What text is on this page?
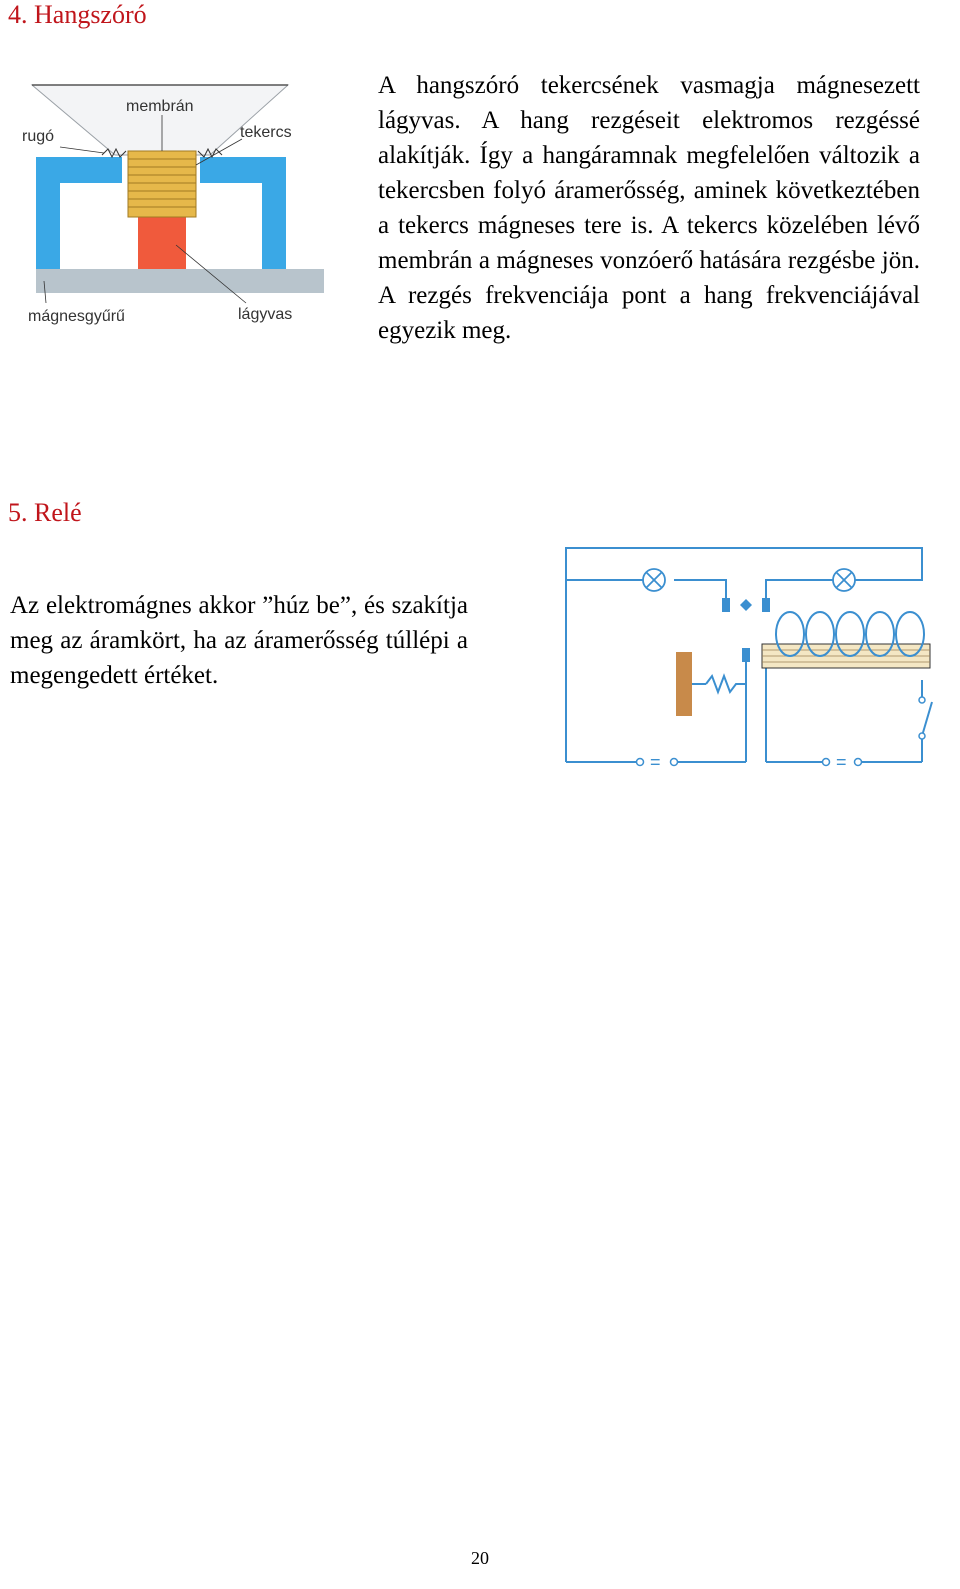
4. Hangszóró
membrán
rugó	tekercs
mágnesgyűrű	lágyvas

A hangszóró tekercsének vasmagja mágnesezett lágyvas. A hang rezgéseit elektromos rezgéssé alakítják. Így a hangáramnak megfelelően változik a tekercsben folyó áramerősség, aminek következtében a tekercs mágneses tere is. A tekercs közelében lévő membrán a mágneses vonzóerő hatására rezgésbe jön. A rezgés frekvenciája pont a hang frekvenciájával egyezik meg.

5. Relé

Az elektromágnes akkor ”húz be”, és szakítja meg az áramkört, ha az áramerősség túllépi a megengedett értéket.

=	=
20
